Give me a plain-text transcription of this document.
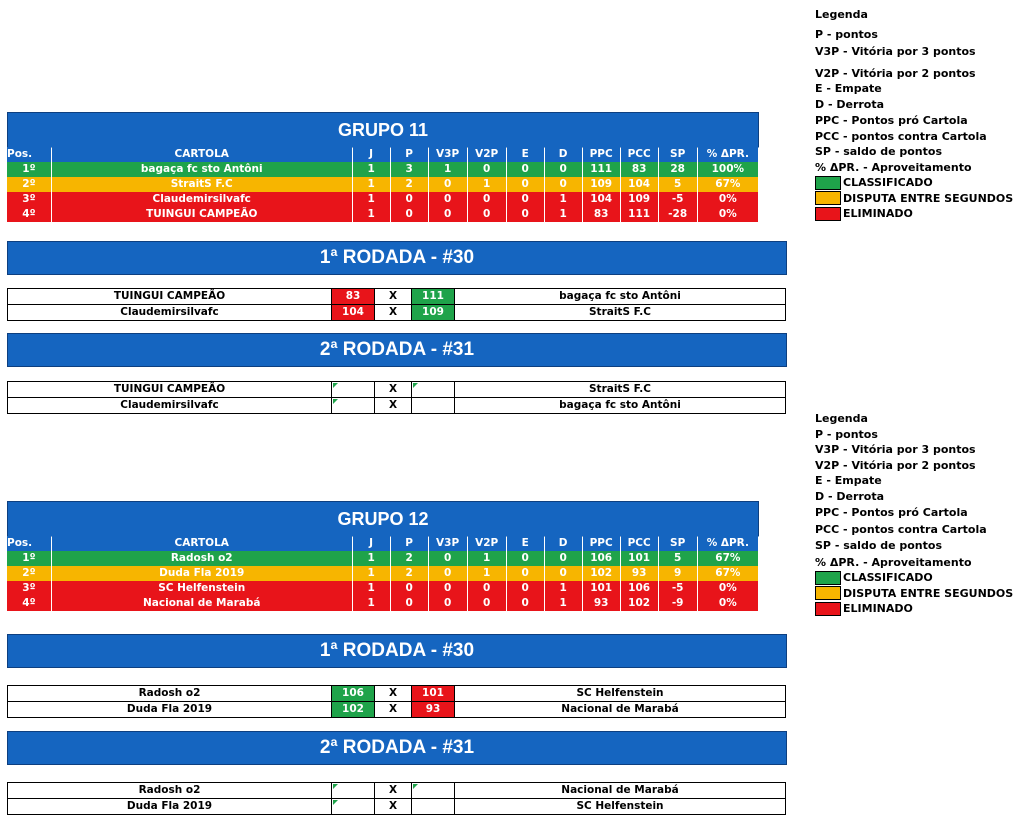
Legenda
P - pontos
V3P - Vitória por 3 pontos
V2P - Vitória por 2 pontos
E - Empate
D - Derrota
PPC - Pontos pró Cartola
PCC - pontos contra Cartola
SP - saldo de pontos
% ΔPR. - Aproveitamento
CLASSIFICADO
DISPUTA ENTRE SEGUNDOS
ELIMINADO
Legenda
P - pontos
V3P - Vitória por 3 pontos
V2P - Vitória por 2 pontos
E - Empate
D - Derrota
PPC - Pontos pró Cartola
PCC - pontos contra Cartola
SP - saldo de pontos
% ΔPR. - Aproveitamento
CLASSIFICADO
DISPUTA ENTRE SEGUNDOS
ELIMINADO
GRUPO 11
Pos.	CARTOLA	J	P	V3P	V2P	E	D	PPC	PCC	SP	% ΔPR.
1º	bagaça fc sto Antôni	1	3	1	0	0	0	111	83	28	100%
2º	StraitS F.C	1	2	0	1	0	0	109	104	5	67%
3º	Claudemirsilvafc	1	0	0	0	0	1	104	109	-5	0%
4º	TUINGUI CAMPEÃO	1	0	0	0	0	1	83	111	-28	0%
1ª RODADA - #30
TUINGUI CAMPEÃO	83	X	111	bagaça fc sto Antôni
Claudemirsilvafc	104	X	109	StraitS F.C
2ª RODADA - #31
TUINGUI CAMPEÃO		X		StraitS F.C
Claudemirsilvafc		X		bagaça fc sto Antôni
GRUPO 12
Pos.	CARTOLA	J	P	V3P	V2P	E	D	PPC	PCC	SP	% ΔPR.
1º	Radosh o2	1	2	0	1	0	0	106	101	5	67%
2º	Duda Fla 2019	1	2	0	1	0	0	102	93	9	67%
3º	SC Helfenstein	1	0	0	0	0	1	101	106	-5	0%
4º	Nacional de Marabá	1	0	0	0	0	1	93	102	-9	0%
1ª RODADA - #30
Radosh o2	106	X	101	SC Helfenstein
Duda Fla 2019	102	X	93	Nacional de Marabá
2ª RODADA - #31
Radosh o2		X		Nacional de Marabá
Duda Fla 2019		X		SC Helfenstein
